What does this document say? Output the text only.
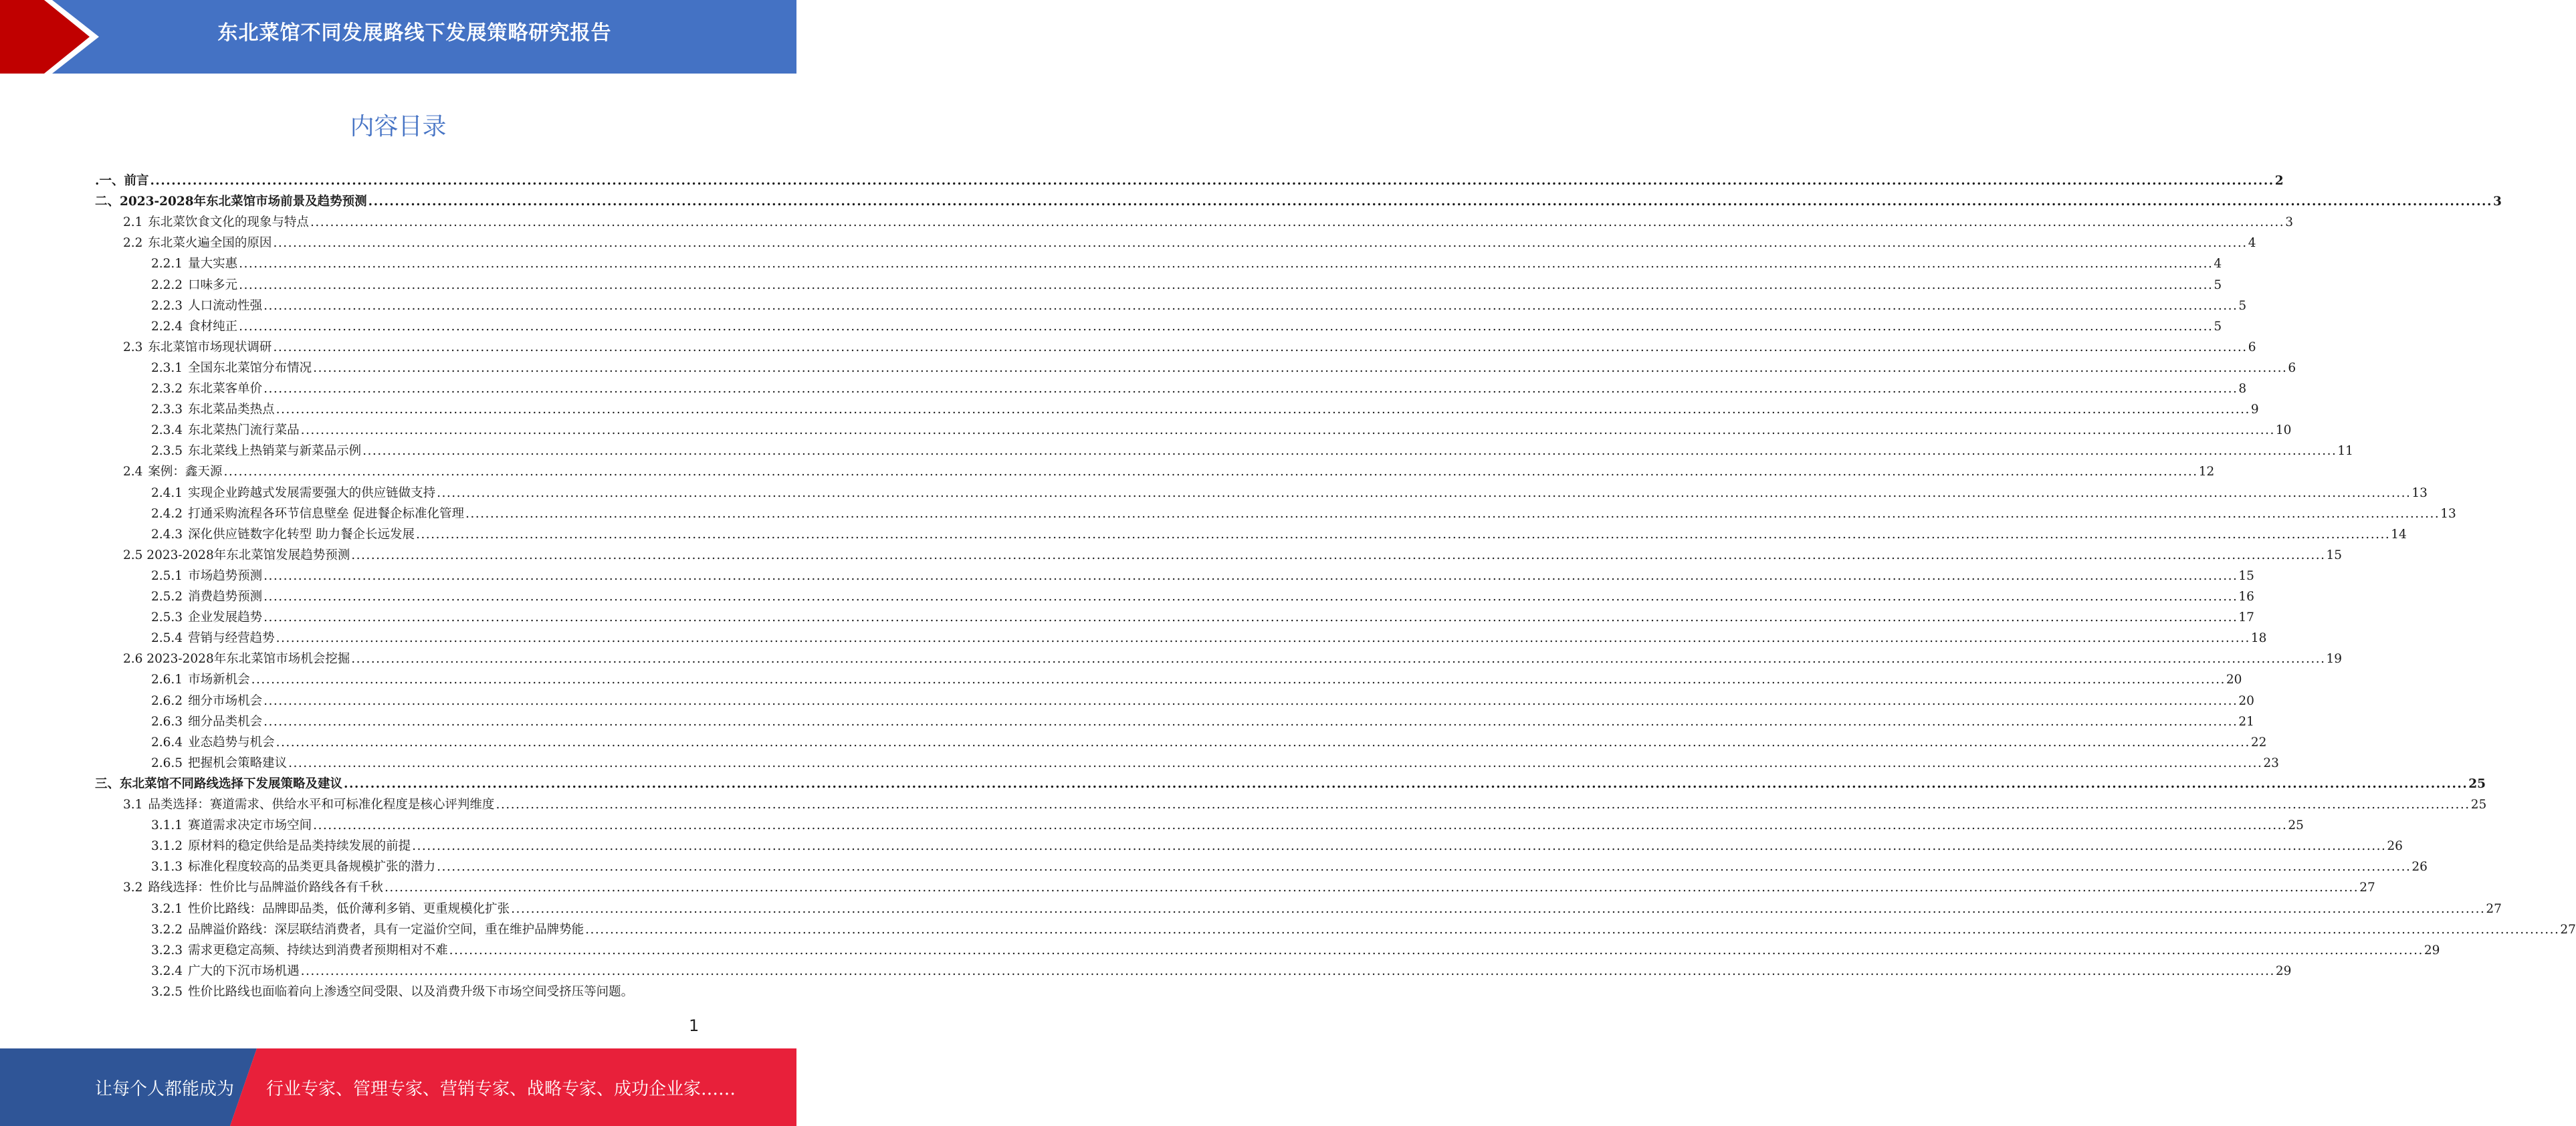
东北菜馆不同发展路线下发展策略研究报告
内容目录
.一、前言 ................................................................................................................................................................................................................................................................................................................................................................................................................ 2
二、2023-2028年东北菜馆市场前景及趋势预测 ................................................................................................................................................................................................................................................................................................................................................................................................................ 3
2.1 东北菜饮食文化的现象与特点 ................................................................................................................................................................................................................................................................................................................................................................................................................ 3
2.2 东北菜火遍全国的原因 ................................................................................................................................................................................................................................................................................................................................................................................................................ 4
2.2.1 量大实惠 ................................................................................................................................................................................................................................................................................................................................................................................................................ 4
2.2.2 口味多元 ................................................................................................................................................................................................................................................................................................................................................................................................................ 5
2.2.3 人口流动性强 ................................................................................................................................................................................................................................................................................................................................................................................................................ 5
2.2.4 食材纯正 ................................................................................................................................................................................................................................................................................................................................................................................................................ 5
2.3 东北菜馆市场现状调研 ................................................................................................................................................................................................................................................................................................................................................................................................................ 6
2.3.1 全国东北菜馆分布情况 ................................................................................................................................................................................................................................................................................................................................................................................................................ 6
2.3.2 东北菜客单价 ................................................................................................................................................................................................................................................................................................................................................................................................................ 8
2.3.3 东北菜品类热点 ................................................................................................................................................................................................................................................................................................................................................................................................................ 9
2.3.4 东北菜热门流行菜品 ................................................................................................................................................................................................................................................................................................................................................................................................................ 10
2.3.5 东北菜线上热销菜与新菜品示例 ................................................................................................................................................................................................................................................................................................................................................................................................................ 11
2.4 案例：鑫天源 ................................................................................................................................................................................................................................................................................................................................................................................................................ 12
2.4.1 实现企业跨越式发展需要强大的供应链做支持 ................................................................................................................................................................................................................................................................................................................................................................................................................ 13
2.4.2 打通采购流程各环节信息壁垒 促进餐企标准化管理 ................................................................................................................................................................................................................................................................................................................................................................................................................ 13
2.4.3 深化供应链数字化转型 助力餐企长远发展 ................................................................................................................................................................................................................................................................................................................................................................................................................ 14
2.5 2023-2028年东北菜馆发展趋势预测 ................................................................................................................................................................................................................................................................................................................................................................................................................ 15
2.5.1 市场趋势预测 ................................................................................................................................................................................................................................................................................................................................................................................................................ 15
2.5.2 消费趋势预测 ................................................................................................................................................................................................................................................................................................................................................................................................................ 16
2.5.3 企业发展趋势 ................................................................................................................................................................................................................................................................................................................................................................................................................ 17
2.5.4 营销与经营趋势 ................................................................................................................................................................................................................................................................................................................................................................................................................ 18
2.6 2023-2028年东北菜馆市场机会挖掘 ................................................................................................................................................................................................................................................................................................................................................................................................................ 19
2.6.1 市场新机会 ................................................................................................................................................................................................................................................................................................................................................................................................................ 20
2.6.2 细分市场机会 ................................................................................................................................................................................................................................................................................................................................................................................................................ 20
2.6.3 细分品类机会 ................................................................................................................................................................................................................................................................................................................................................................................................................ 21
2.6.4 业态趋势与机会 ................................................................................................................................................................................................................................................................................................................................................................................................................ 22
2.6.5 把握机会策略建议 ................................................................................................................................................................................................................................................................................................................................................................................................................ 23
三、东北菜馆不同路线选择下发展策略及建议 ................................................................................................................................................................................................................................................................................................................................................................................................................ 25
3.1 品类选择：赛道需求、供给水平和可标准化程度是核心评判维度 ................................................................................................................................................................................................................................................................................................................................................................................................................ 25
3.1.1 赛道需求决定市场空间 ................................................................................................................................................................................................................................................................................................................................................................................................................ 25
3.1.2 原材料的稳定供给是品类持续发展的前提 ................................................................................................................................................................................................................................................................................................................................................................................................................ 26
3.1.3 标准化程度较高的品类更具备规模扩张的潜力 ................................................................................................................................................................................................................................................................................................................................................................................................................ 26
3.2 路线选择：性价比与品牌溢价路线各有千秋 ................................................................................................................................................................................................................................................................................................................................................................................................................ 27
3.2.1 性价比路线：品牌即品类，低价薄利多销、更重规模化扩张 ................................................................................................................................................................................................................................................................................................................................................................................................................ 27
3.2.2 品牌溢价路线：深层联结消费者，具有一定溢价空间，重在维护品牌势能 ................................................................................................................................................................................................................................................................................................................................................................................................................ 27
3.2.3 需求更稳定高频、持续达到消费者预期相对不难 ................................................................................................................................................................................................................................................................................................................................................................................................................ 29
3.2.4 广大的下沉市场机遇 ................................................................................................................................................................................................................................................................................................................................................................................................................ 29
3.2.5 性价比路线也面临着向上渗透空间受限、以及消费升级下市场空间受挤压等问题。
1
让每个人都能成为 行业专家、管理专家、营销专家、战略专家、成功企业家……
